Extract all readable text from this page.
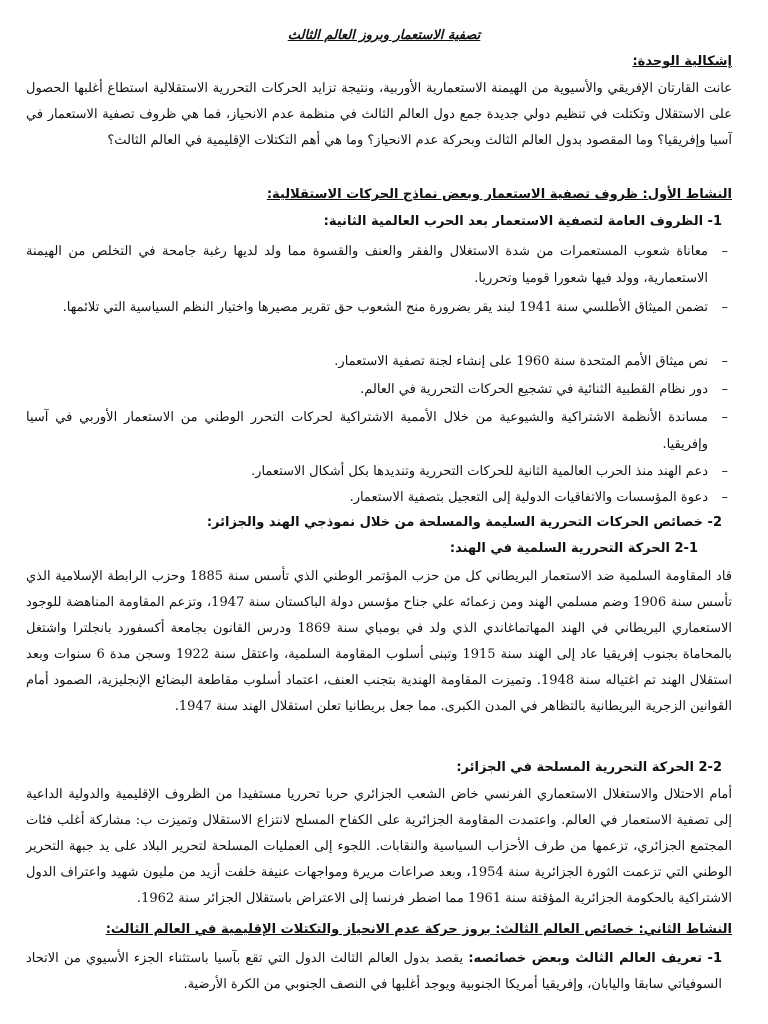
تصفية الاستعمار وبروز العالم الثالث
إشكالية الوحدة:
عانت القارتان الإفريقي والأسيوية من الهيمنة الاستعمارية الأوربية، ونتيجة تزايد الحركات التحررية الاستقلالية استطاع أغلبها الحصول على الاستقلال وتكتلت في تنظيم دولي جديدة جمع دول العالم الثالث في منظمة عدم الانحياز، فما هي ظروف تصفية الاستعمار في آسيا وإفريقيا؟ وما المقصود بدول العالم الثالث وبحركة عدم الانحياز؟ وما هي أهم التكتلات الإقليمية في العالم الثالث؟
النشاط الأول: ظروف تصفية الاستعمار وبعض نماذج الحركات الاستقلالية:
1- الظروف العامة لتصفية الاستعمار بعد الحرب العالمية الثانية:
–
معاناة شعوب المستعمرات من شدة الاستغلال والفقر والعنف والقسوة مما ولد لديها رغبة جامحة في التخلص من الهيمنة الاستعمارية، وولد فيها شعورا قوميا وتحرريا.
–
تضمن الميثاق الأطلسي سنة 1941 لبند يقر بضرورة منح الشعوب حق تقرير مصيرها واختيار النظم السياسية التي تلائمها.
–
نص ميثاق الأمم المتحدة سنة 1960 على إنشاء لجنة تصفية الاستعمار.
–
دور نظام القطبية الثنائية في تشجيع الحركات التحررية في العالم.
–
مساندة الأنظمة الاشتراكية والشيوعية من خلال الأممية الاشتراكية لحركات التحرر الوطني من الاستعمار الأوربي في آسيا وإفريقيا.
–
دعم الهند منذ الحرب العالمية الثانية للحركات التحررية وتنديدها بكل أشكال الاستعمار.
–
دعوة المؤسسات والاتفاقيات الدولية إلى التعجيل بتصفية الاستعمار.
2- خصائص الحركات التحررية السليمة والمسلحة من خلال نموذجي الهند والجزائر:
2-1 الحركة التحررية السلمية في الهند:
قاد المقاومة السلمية ضد الاستعمار البريطاني كل من حزب المؤتمر الوطني الذي تأسس سنة 1885 وحزب الرابطة الإسلامية الذي تأسس سنة 1906 وضم مسلمي الهند ومن زعمائه علي جناح مؤسس دولة الباكستان سنة 1947، وتزعم المقاومة المناهضة للوجود الاستعماري البريطاني في الهند المهاتماغاندي الذي ولد في بومباي سنة 1869 ودرس القانون بجامعة أكسفورد بانجلترا واشتغل بالمحاماة بجنوب إفريقيا عاد إلى الهند سنة 1915 وتبنى أسلوب المقاومة السلمية، واعتقل سنة 1922 وسجن مدة 6 سنوات وبعد استقلال الهند تم اغتياله سنة 1948. وتميزت المقاومة الهندية بتجنب العنف، اعتماد أسلوب مقاطعة البضائع الإنجليزية، الصمود أمام القوانين الزجرية البريطانية بالتظاهر في المدن الكبرى. مما جعل بريطانيا تعلن استقلال الهند سنة 1947.
2-2 الحركة التحررية المسلحة في الجزائر:
أمام الاحتلال والاستغلال الاستعماري الفرنسي خاض الشعب الجزائري حربا تحرريا مستفيدا من الظروف الإقليمية والدولية الداعية إلى تصفية الاستعمار في العالم. واعتمدت المقاومة الجزائرية على الكفاح المسلح لانتزاع الاستقلال وتميزت ب: مشاركة أغلب فئات المجتمع الجزائري، تزعمها من طرف الأحزاب السياسية والنقابات. اللجوء إلى العمليات المسلحة لتحرير البلاد على يد جبهة التحرير الوطني التي تزعمت الثورة الجزائرية سنة 1954، وبعد صراعات مريرة ومواجهات عنيفة خلفت أزيد من مليون شهيد واعتراف الدول الاشتراكية بالحكومة الجزائرية المؤقتة سنة 1961 مما اضطر فرنسا إلى الاعتراض باستقلال الجزائر سنة 1962.
النشاط الثاني: خصائص العالم الثالث: بروز حركة عدم الانحياز والتكتلات الإقليمية في العالم الثالث:
1- تعريف العالم الثالث وبعض خصائصه: يقصد بدول العالم الثالث الدول التي تقع بآسيا باستثناء الجزء الأسيوي من الاتحاد السوفياتي سابقا واليابان، وإفريقيا أمريكا الجنوبية ويوجد أغلبها في النصف الجنوبي من الكرة الأرضية.
